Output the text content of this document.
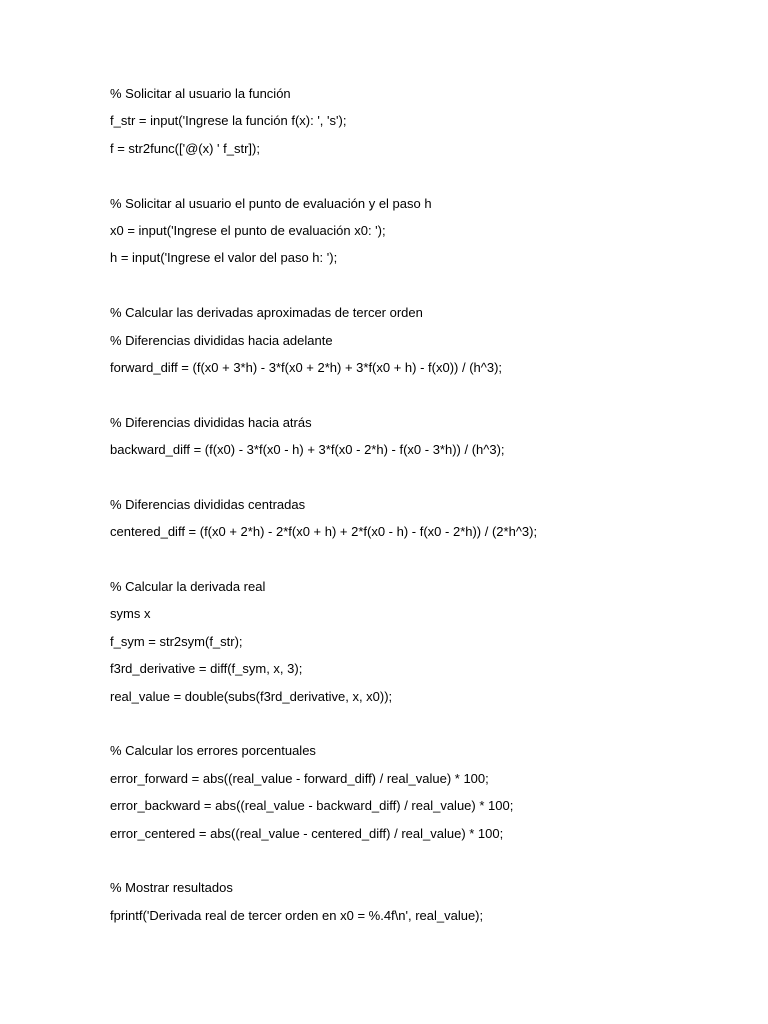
% Solicitar al usuario la función
f_str = input('Ingrese la función f(x): ', 's');
f = str2func(['@(x) ' f_str]);
% Solicitar al usuario el punto de evaluación y el paso h
x0 = input('Ingrese el punto de evaluación x0: ');
h = input('Ingrese el valor del paso h: ');
% Calcular las derivadas aproximadas de tercer orden
% Diferencias divididas hacia adelante
forward_diff = (f(x0 + 3*h) - 3*f(x0 + 2*h) + 3*f(x0 + h) - f(x0)) / (h^3);
% Diferencias divididas hacia atrás
backward_diff = (f(x0) - 3*f(x0 - h) + 3*f(x0 - 2*h) - f(x0 - 3*h)) / (h^3);
% Diferencias divididas centradas
centered_diff = (f(x0 + 2*h) - 2*f(x0 + h) + 2*f(x0 - h) - f(x0 - 2*h)) / (2*h^3);
% Calcular la derivada real
syms x
f_sym = str2sym(f_str);
f3rd_derivative = diff(f_sym, x, 3);
real_value = double(subs(f3rd_derivative, x, x0));
% Calcular los errores porcentuales
error_forward = abs((real_value - forward_diff) / real_value) * 100;
error_backward = abs((real_value - backward_diff) / real_value) * 100;
error_centered = abs((real_value - centered_diff) / real_value) * 100;
% Mostrar resultados
fprintf('Derivada real de tercer orden en x0 = %.4f\n', real_value);
